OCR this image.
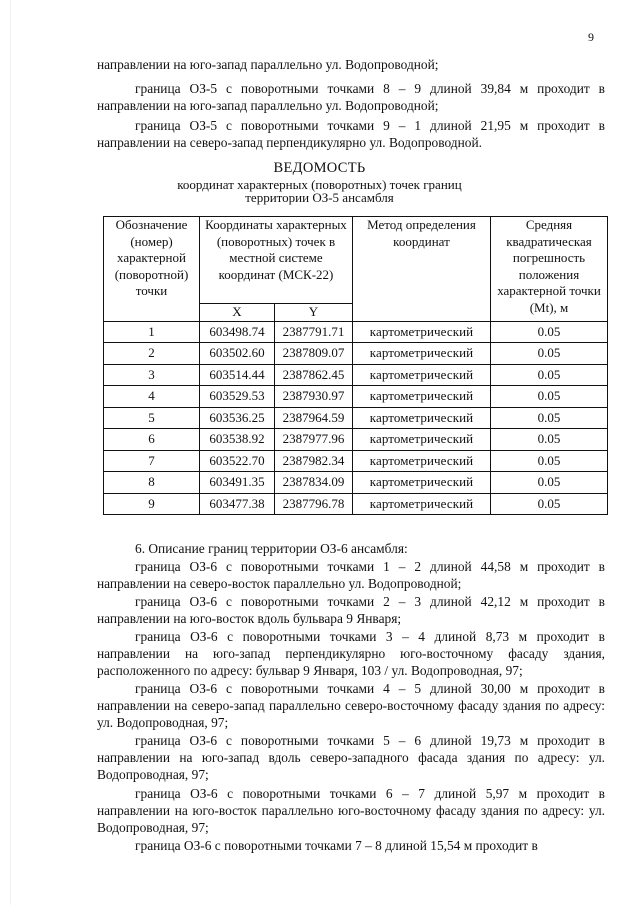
9

направлении на юго-запад параллельно ул. Водопроводной;

граница ОЗ-5 с поворотными точками 8 – 9 длиной 39,84 м проходит в направлении на юго-запад параллельно ул. Водопроводной;

граница ОЗ-5 с поворотными точками 9 – 1 длиной 21,95 м проходит в направлении на северо-запад перпендикулярно ул. Водопроводной.

ВЕДОМОСТЬ
координат характерных (поворотных) точек границ
территории ОЗ-5 ансамбля
Обозначение (номер) характерной (поворотной) точки	Координаты характерных (поворотных) точек в местной системе координат (МСК-22)		Метод определения координат	Средняя квадратическая погрешность положения характерной точки (Mt), м
	X	Y		
1	603498.74	2387791.71	картометрический	0.05
2	603502.60	2387809.07	картометрический	0.05
3	603514.44	2387862.45	картометрический	0.05
4	603529.53	2387930.97	картометрический	0.05
5	603536.25	2387964.59	картометрический	0.05
6	603538.92	2387977.96	картометрический	0.05
7	603522.70	2387982.34	картометрический	0.05
8	603491.35	2387834.09	картометрический	0.05
9	603477.38	2387796.78	картометрический	0.05

6. Описание границ территории ОЗ-6 ансамбля:

граница ОЗ-6 с поворотными точками 1 – 2 длиной 44,58 м проходит в направлении на северо-восток параллельно ул. Водопроводной;

граница ОЗ-6 с поворотными точками 2 – 3 длиной 42,12 м проходит в направлении на юго-восток вдоль бульвара 9 Января;

граница ОЗ-6 с поворотными точками 3 – 4 длиной 8,73 м проходит в направлении на юго-запад перпендикулярно юго-восточному фасаду здания, расположенного по адресу: бульвар 9 Января, 103 / ул. Водопроводная, 97;

граница ОЗ-6 с поворотными точками 4 – 5 длиной 30,00 м проходит в направлении на северо-запад параллельно северо-восточному фасаду здания по адресу: ул. Водопроводная, 97;

граница ОЗ-6 с поворотными точками 5 – 6 длиной 19,73 м проходит в направлении на юго-запад вдоль северо-западного фасада здания по адресу: ул. Водопроводная, 97;

граница ОЗ-6 с поворотными точками 6 – 7 длиной 5,97 м проходит в направлении на юго-восток параллельно юго-восточному фасаду здания по адресу: ул. Водопроводная, 97;

граница ОЗ-6 с поворотными точками 7 – 8 длиной 15,54 м проходит в
